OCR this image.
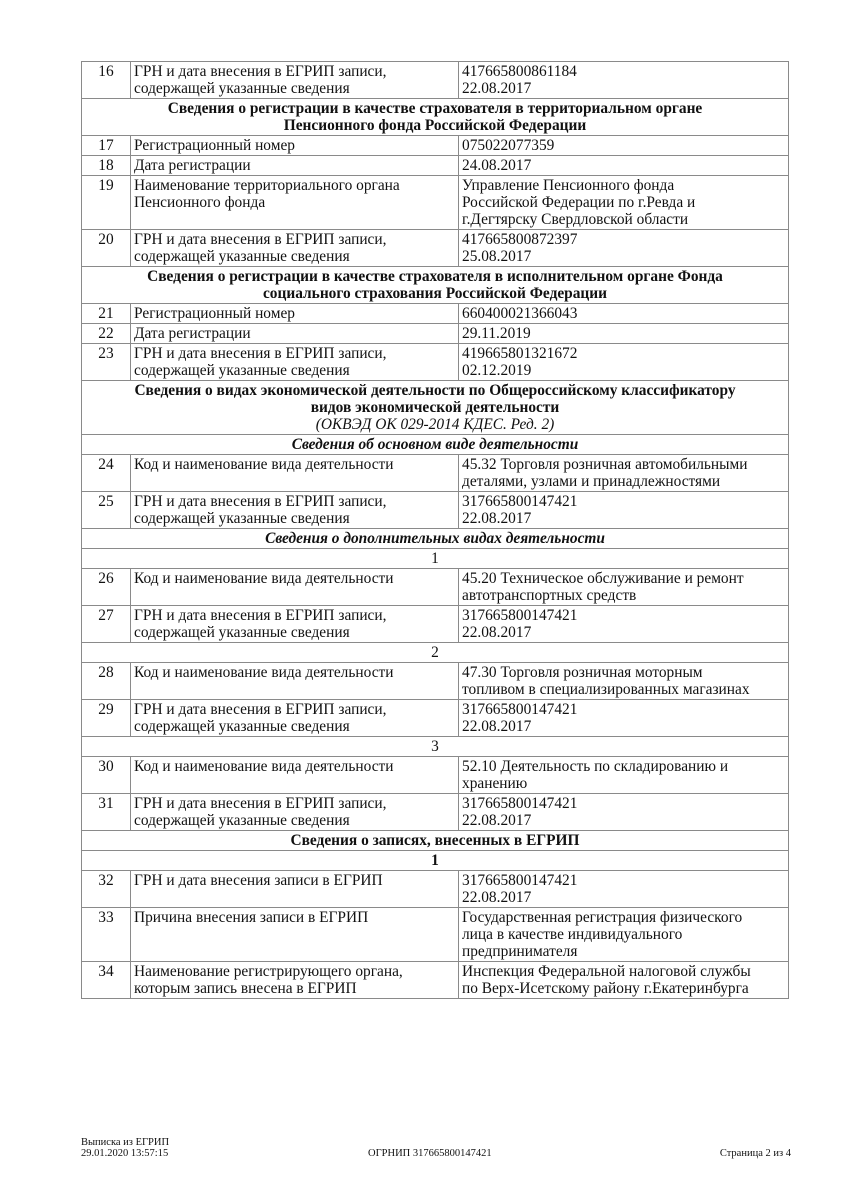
16	ГРН и дата внесения в ЕГРИП записи,
содержащей указанные сведения	417665800861184
22.08.2017

Сведения о регистрации в качестве страхователя в территориальном органе
Пенсионного фонда Российской Федерации		

17	Регистрационный номер	075022077359

18	Дата регистрации	24.08.2017

19	Наименование территориального органа
Пенсионного фонда	Управление Пенсионного фонда
Российской Федерации по г.Ревда и
г.Дегтярску Свердловской области

20	ГРН и дата внесения в ЕГРИП записи,
содержащей указанные сведения	417665800872397
25.08.2017

Сведения о регистрации в качестве страхователя в исполнительном органе Фонда
социального страхования Российской Федерации		

21	Регистрационный номер	660400021366043

22	Дата регистрации	29.11.2019

23	ГРН и дата внесения в ЕГРИП записи,
содержащей указанные сведения	419665801321672
02.12.2019

Сведения о видах экономической деятельности по Общероссийскому классификатору
видов экономической деятельности
(ОКВЭД ОК 029-2014 КДЕС. Ред. 2)		

Сведения об основном виде деятельности		
24	Код и наименование вида деятельности	45.32 Торговля розничная автомобильными
деталями, узлами и принадлежностями

25	ГРН и дата внесения в ЕГРИП записи,
содержащей указанные сведения	317665800147421
22.08.2017

Сведения о дополнительных видах деятельности		
1		
26	Код и наименование вида деятельности	45.20 Техническое обслуживание и ремонт
автотранспортных средств

27	ГРН и дата внесения в ЕГРИП записи,
содержащей указанные сведения	317665800147421
22.08.2017

2		
28	Код и наименование вида деятельности	47.30 Торговля розничная моторным
топливом в специализированных магазинах

29	ГРН и дата внесения в ЕГРИП записи,
содержащей указанные сведения	317665800147421
22.08.2017

3		
30	Код и наименование вида деятельности	52.10 Деятельность по складированию и
хранению

31	ГРН и дата внесения в ЕГРИП записи,
содержащей указанные сведения	317665800147421
22.08.2017

Сведения о записях, внесенных в ЕГРИП		

1		
32	ГРН и дата внесения записи в ЕГРИП	317665800147421
22.08.2017

33	Причина внесения записи в ЕГРИП	Государственная регистрация физического
лица в качестве индивидуального
предпринимателя

34	Наименование регистрирующего органа,
которым запись внесена в ЕГРИП	Инспекция Федеральной налоговой службы
по Верх-Исетскому району г.Екатеринбурга
Выписка из ЕГРИП
29.01.2020 13:57:15	ОГРНИП 317665800147421	Страница 2 из 4
